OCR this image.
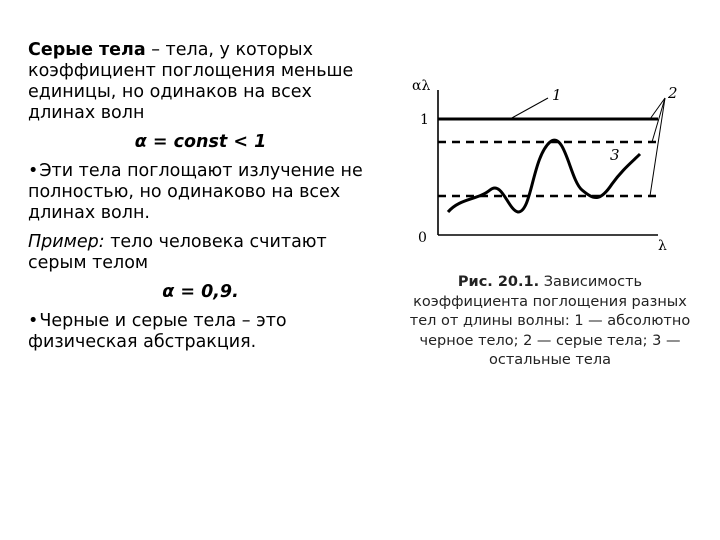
Серые тела – тела, у которых коэффициент поглощения меньше единицы, но одинаков на всех длинах волн

α = const < 1

• Эти тела поглощают излучение не полностью, но одинаково на всех длинах волн.

Пример: тело человека считают серым телом

α = 0,9.

• Черные и серые тела – это физическая абстракция.

αλ
λ
1
0
1	2
3
Рис. 20.1. Зависимость коэффициента поглощения разных тел от длины волны: 1 — абсолютно черное тело; 2 — серые тела; 3 — остальные тела
